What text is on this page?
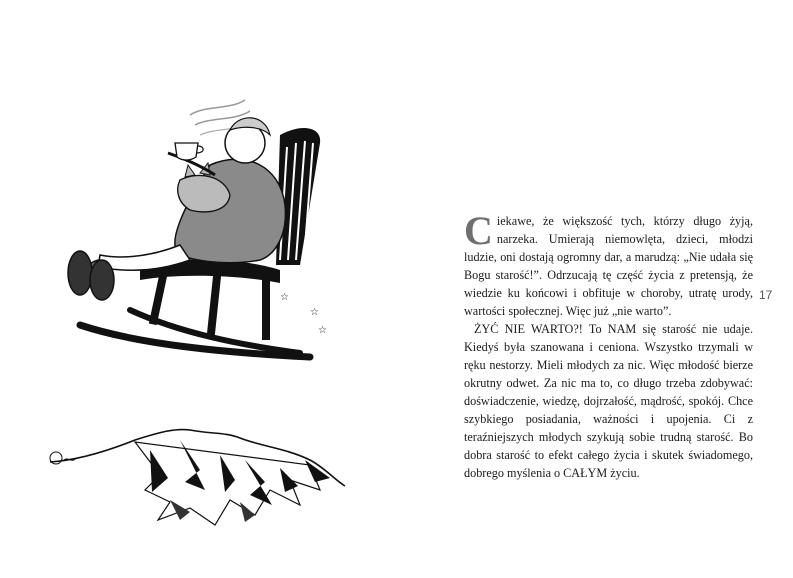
☆
☆
☆

Ciekawe, że większość tych, którzy długo żyją, narzeka. Umierają niemowlęta, dzieci, młodzi ludzie, oni dostają ogromny dar, a marudzą: „Nie udała się Bogu starość!”. Odrzucają tę część życia z pretensją, że wiedzie ku końcowi i obfituje w choroby, utratę urody, wartości społecznej. Więc już „nie warto”.

ŻYĆ NIE WARTO?! To NAM się starość nie udaje. Kiedyś była szanowana i ceniona. Wszystko trzymali w ręku nestorzy. Mieli młodych za nic. Więc młodość bierze okrutny odwet. Za nic ma to, co długo trzeba zdobywać: doświadczenie, wiedzę, dojrzałość, mądrość, spokój. Chce szybkiego posiadania, ważności i upojenia. Ci z teraźniejszych młodych szykują sobie trudną starość. Bo dobra starość to efekt całego życia i skutek świadomego, dobrego myślenia o CAŁYM życiu.

17
